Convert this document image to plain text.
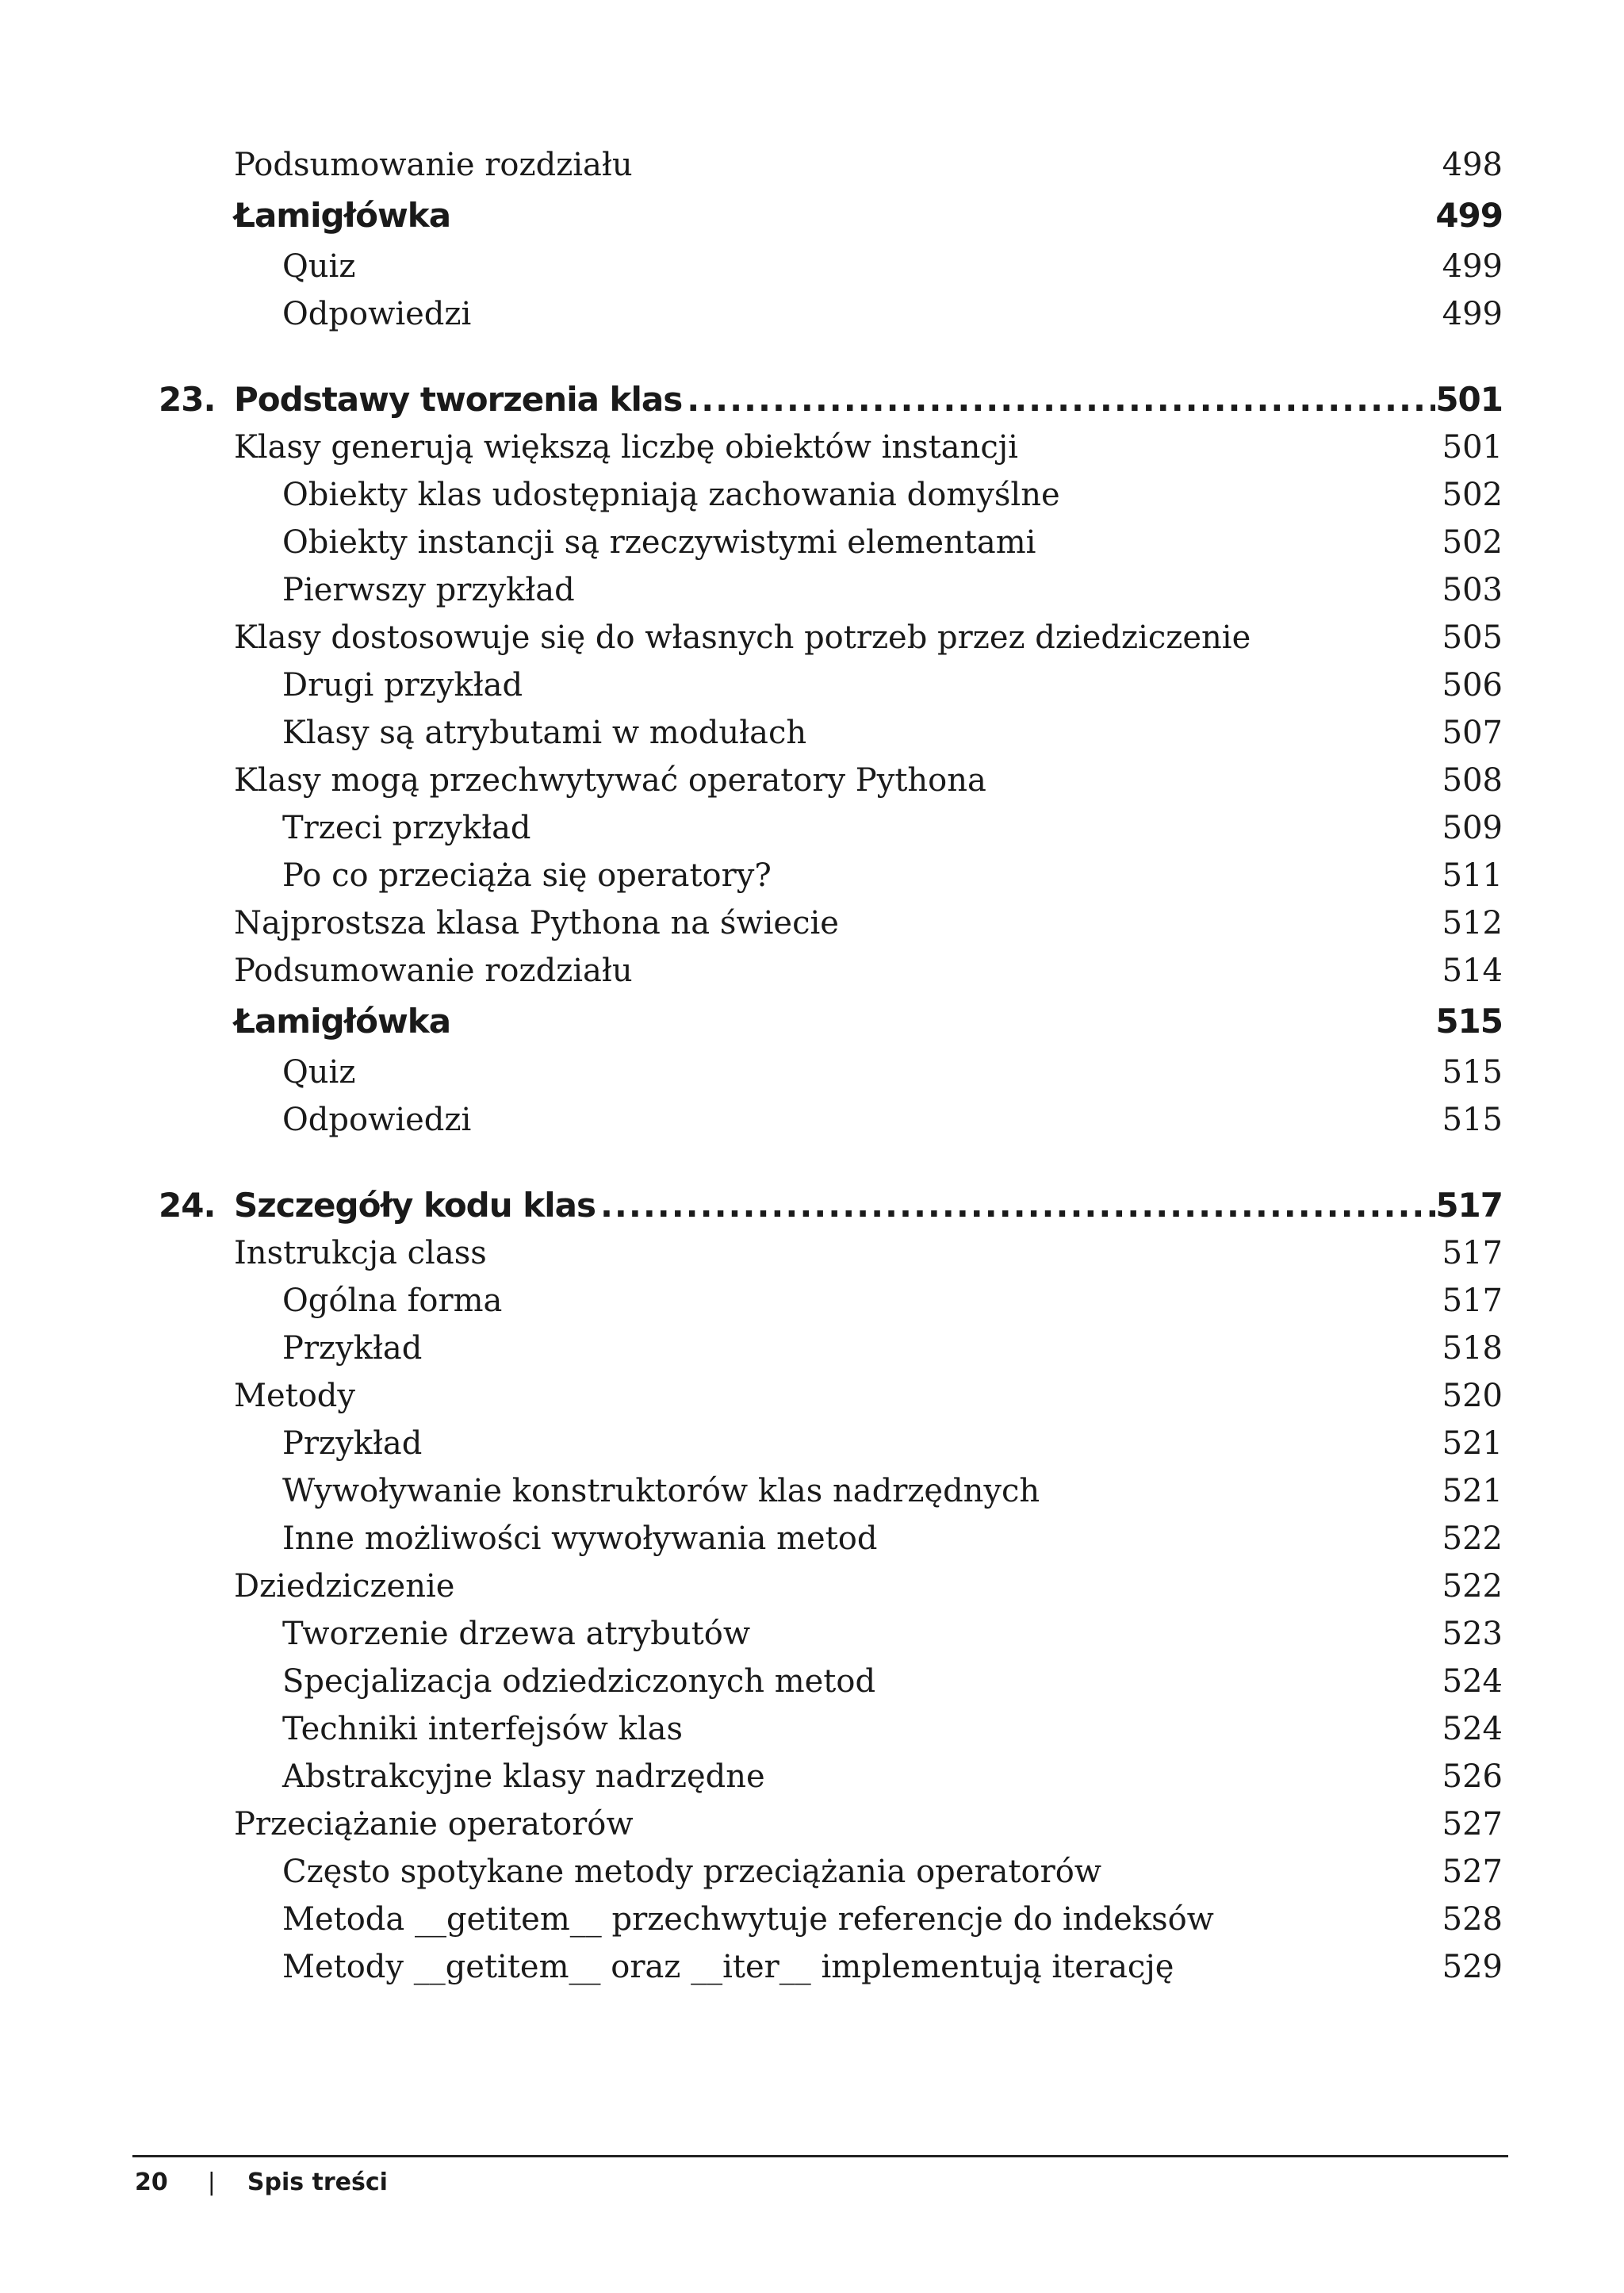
Podsumowanie rozdziału	498
Łamigłówka	499
Quiz	499
Odpowiedzi	499
23. Podstawy tworzenia klas .....	501
Klasy generują większą liczbę obiektów instancji	501
Obiekty klas udostępniają zachowania domyślne	502
Obiekty instancji są rzeczywistymi elementami	502
Pierwszy przykład	503
Klasy dostosowuje się do własnych potrzeb przez dziedziczenie	505
Drugi przykład	506
Klasy są atrybutami w modułach	507
Klasy mogą przechwytywać operatory Pythona	508
Trzeci przykład	509
Po co przeciąża się operatory?	511
Najprostsza klasa Pythona na świecie	512
Podsumowanie rozdziału	514
Łamigłówka	515
Quiz	515
Odpowiedzi	515
24. Szczegóły kodu klas .....	517
Instrukcja class	517
Ogólna forma	517
Przykład	518
Metody	520
Przykład	521
Wywoływanie konstruktorów klas nadrzędnych	521
Inne możliwości wywoływania metod	522
Dziedziczenie	522
Tworzenie drzewa atrybutów	523
Specjalizacja odziedziczonych metod	524
Techniki interfejsów klas	524
Abstrakcyjne klasy nadrzędne	526
Przeciążanie operatorów	527
Często spotykane metody przeciążania operatorów	527
Metoda __getitem__ przechwytuje referencje do indeksów	528
Metody __getitem__ oraz __iter__ implementują iterację	529
20 | Spis treści
